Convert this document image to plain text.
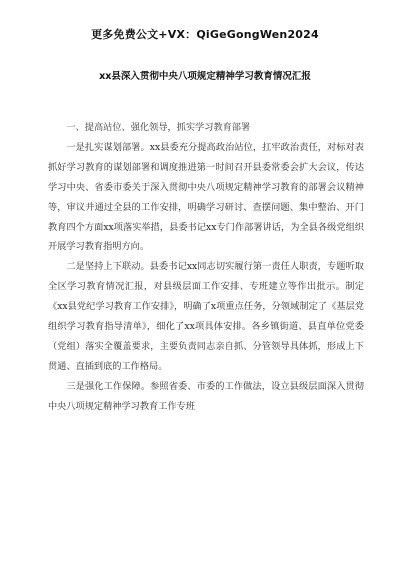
更多免费公文+VX：QiGeGongWen2024
xx县深入贯彻中央八项规定精神学习教育情况汇报

一、提高站位、强化领导，抓实学习教育部署

一是扎实谋划部署。xx县委充分提高政治站位，扛牢政治责任，对标对表抓好学习教育的谋划部署和调度推进第一时间召开县委常委会扩大会议，传达学习中央、省委市委关于深入贯彻中央八项规定精神学习教育的部署会议精神等，审议并通过全县的工作安排，明确学习研讨、查摆问题、集中整治、开门教育四个方面xx项落实举措，县委书记xx专门作部署讲话，为全县各级党组织开展学习教育指明方向。

二是坚持上下联动。县委书记xx同志切实履行第一责任人职责，专题听取全区学习教育情况汇报，对县级层面工作安排、专班建立等作出批示。制定《xx县党纪学习教育工作安排》，明确了x项重点任务，分领域制定了《基层党组织学习教育指导清单》，细化了xx项具体安排。各乡镇街道、县直单位党委（党组）落实全覆盖要求，主要负责同志亲自抓、分管领导具体抓，形成上下贯通、直插到底的工作格局。

三是强化工作保障。参照省委、市委的工作做法，设立县级层面深入贯彻中央八项规定精神学习教育工作专班
